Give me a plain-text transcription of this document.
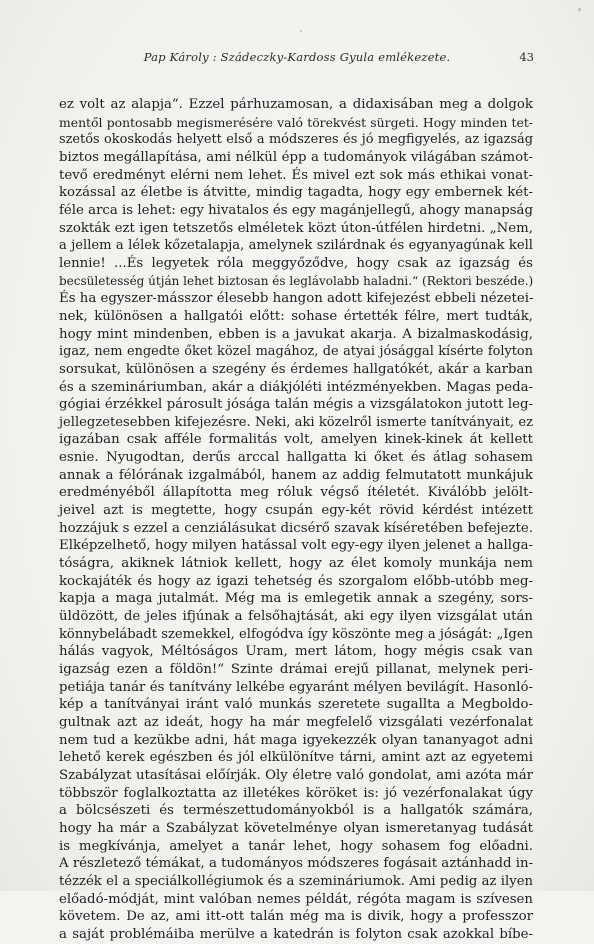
Pap Károly : Szádeczky-Kardoss Gyula emlékezete.	43
ez volt az alapja“. Ezzel párhuzamosan, a didaxisában meg a dolgok
mentől pontosabb megismerésére való törekvést sürgeti. Hogy minden tet-
szetős okoskodás helyett első a módszeres és jó megfigyelés, az igazság
biztos megállapítása, ami nélkül épp a tudományok világában számot-
tevő eredményt elérni nem lehet. És mivel ezt sok más ethikai vonat-
kozással az életbe is átvitte, mindig tagadta, hogy egy embernek két-
féle arca is lehet: egy hivatalos és egy magánjellegű, ahogy manapság
szokták ezt igen tetszetős elméletek közt úton-útfélen hirdetni. „Nem,
a jellem a lélek kőzetalapja, amelynek szilárdnak és egyanyagúnak kell
lennie! ...És legyetek róla meggyőződve, hogy csak az igazság és
becsületesség útján lehet biztosan és leglávolabb haladni.“ (Rektori beszéde.)
És ha egyszer-másszor élesebb hangon adott kifejezést ebbeli nézetei-
nek, különösen a hallgatói előtt: sohase értették félre, mert tudták,
hogy mint mindenben, ebben is a javukat akarja. A bizalmaskodásig,
igaz, nem engedte őket közel magához, de atyai jósággal kísérte folyton
sorsukat, különösen a szegény és érdemes hallgatókét, akár a karban
és a szemináriumban, akár a diákjóléti intézményekben. Magas peda-
gógiai érzékkel párosult jósága talán mégis a vizsgálatokon jutott leg-
jellegzetesebben kifejezésre. Neki, aki közelről ismerte tanítványait, ez
igazában csak afféle formalitás volt, amelyen kinek-kinek át kellett
esnie. Nyugodtan, derűs arccal hallgatta ki őket és átlag sohasem
annak a félórának izgalmából, hanem az addig felmutatott munkájuk
eredményéből állapította meg róluk végső ítéletét. Kiválóbb jelölt-
jeivel azt is megtette, hogy csupán egy-két rövid kérdést intézett
hozzájuk s ezzel a cenziálásukat dicsérő szavak kíséretében befejezte.
Elképzelhető, hogy milyen hatással volt egy-egy ilyen jelenet a hallga-
tóságra, akiknek látniok kellett, hogy az élet komoly munkája nem
kockajáték és hogy az igazi tehetség és szorgalom előbb-utóbb meg-
kapja a maga jutalmát. Még ma is emlegetik annak a szegény, sors-
üldözött, de jeles ifjúnak a felsőhajtását, aki egy ilyen vizsgálat után
könnybelábadt szemekkel, elfogódva így köszönte meg a jóságát: „Igen
hálás vagyok, Méltóságos Uram, mert látom, hogy mégis csak van
igazság ezen a földön!“ Szinte drámai erejű pillanat, melynek peri-
petiája tanár és tanítvány lelkébe egyaránt mélyen bevilágít. Hasonló-
kép a tanítványai iránt való munkás szeretete sugallta a Megboldo-
gultnak azt az ideát, hogy ha már megfelelő vizsgálati vezérfonalat
nem tud a kezükbe adni, hát maga igyekezzék olyan tananyagot adni
lehető kerek egészben és jól elkülönítve tárni, amint azt az egyetemi
Szabályzat utasításai előírják. Oly életre való gondolat, ami azóta már
többször foglalkoztatta az illetékes köröket is: jó vezérfonalakat úgy
a bölcsészeti és természettudományokból is a hallgatók számára,
hogy ha már a Szabályzat követelménye olyan ismeretanyag tudását
is megkívánja, amelyet a tanár lehet, hogy sohasem fog előadni.
A részletező témákat, a tudományos módszeres fogásait aztánhadd in-
tézzék el a speciálkollégiumok és a szemináriumok. Ami pedig az ilyen
előadó-módját, mint valóban nemes példát, régóta magam is szívesen
követem. De az, ami itt-ott talán még ma is divik, hogy a professzor
a saját problémáiba merülve a katedrán is folyton csak azokkal bíbe-
